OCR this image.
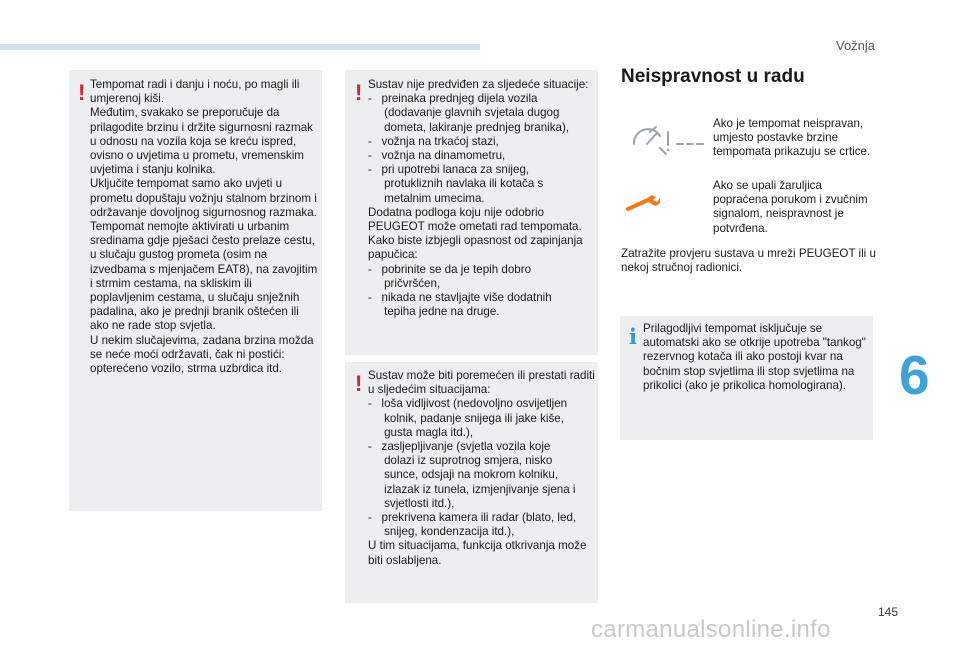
Vožnja
! Tempomat radi i danju i noću, po magli ili umjerenoj kiši.
Međutim, svakako se preporučuje da prilagodite brzinu i držite sigurnosni razmak u odnosu na vozila koja se kreću ispred, ovisno o uvjetima u prometu, vremenskim uvjetima i stanju kolnika.
Uključite tempomat samo ako uvjeti u prometu dopuštaju vožnju stalnom brzinom i održavanje dovoljnog sigurnosnog razmaka.
Tempomat nemojte aktivirati u urbanim sredinama gdje pješaci često prelaze cestu, u slučaju gustog prometa (osim na izvedbama s mjenjačem EAT8), na zavojitim i strmim cestama, na skliskim ili poplavljenim cestama, u slučaju snježnih padalina, ako je prednji branik oštećen ili ako ne rade stop svjetla.
U nekim slučajevima, zadana brzina možda se neće moći održavati, čak ni postići: opterećeno vozilo, strma uzbrdica itd.
! Sustav nije predviđen za sljedeće situacije:
-   preinaka prednjeg dijela vozila
(dodavanje glavnih svjetala dugog
dometa, lakiranje prednjeg branika),
-   vožnja na trkaćoj stazi,
-   vožnja na dinamometru,
-   pri upotrebi lanaca za snijeg,
protukliznih navlaka ili kotača s
metalnim umecima.
Dodatna podloga koju nije odobrio PEUGEOT može ometati rad tempomata.
Kako biste izbjegli opasnost od zapinjanja papučica:
-   pobrinite se da je tepih dobro
pričvršćen,
-   nikada ne stavljajte više dodatnih
tepiha jedne na druge.
! Sustav može biti poremećen ili prestati raditi u sljedećim situacijama:
-   loša vidljivost (nedovoljno osvijetljen
kolnik, padanje snijega ili jake kiše,
gusta magla itd.),
-   zasljepljivanje (svjetla vozila koje
dolazi iz suprotnog smjera, nisko
sunce, odsjaji na mokrom kolniku,
izlazak iz tunela, izmjenjivanje sjena i
svjetlosti itd.),
-   prekrivena kamera ili radar (blato, led,
snijeg, kondenzacija itd.),
U tim situacijama, funkcija otkrivanja može biti oslabljena.
Neispravnost u radu
Ako je tempomat neispravan, umjesto postavke brzine tempomata prikazuju se crtice.
Ako se upali žaruljica popraćena porukom i zvučnim signalom, neispravnost je potvrđena.
Zatražite provjeru sustava u mreži PEUGEOT ili u nekoj stručnoj radionici.
i Prilagodljivi tempomat isključuje se automatski ako se otkrije upotreba "tankog" rezervnog kotača ili ako postoji kvar na bočnim stop svjetlima ili stop svjetlima na prikolici (ako je prikolica homologirana). 6
145
carmanualsonline.info
